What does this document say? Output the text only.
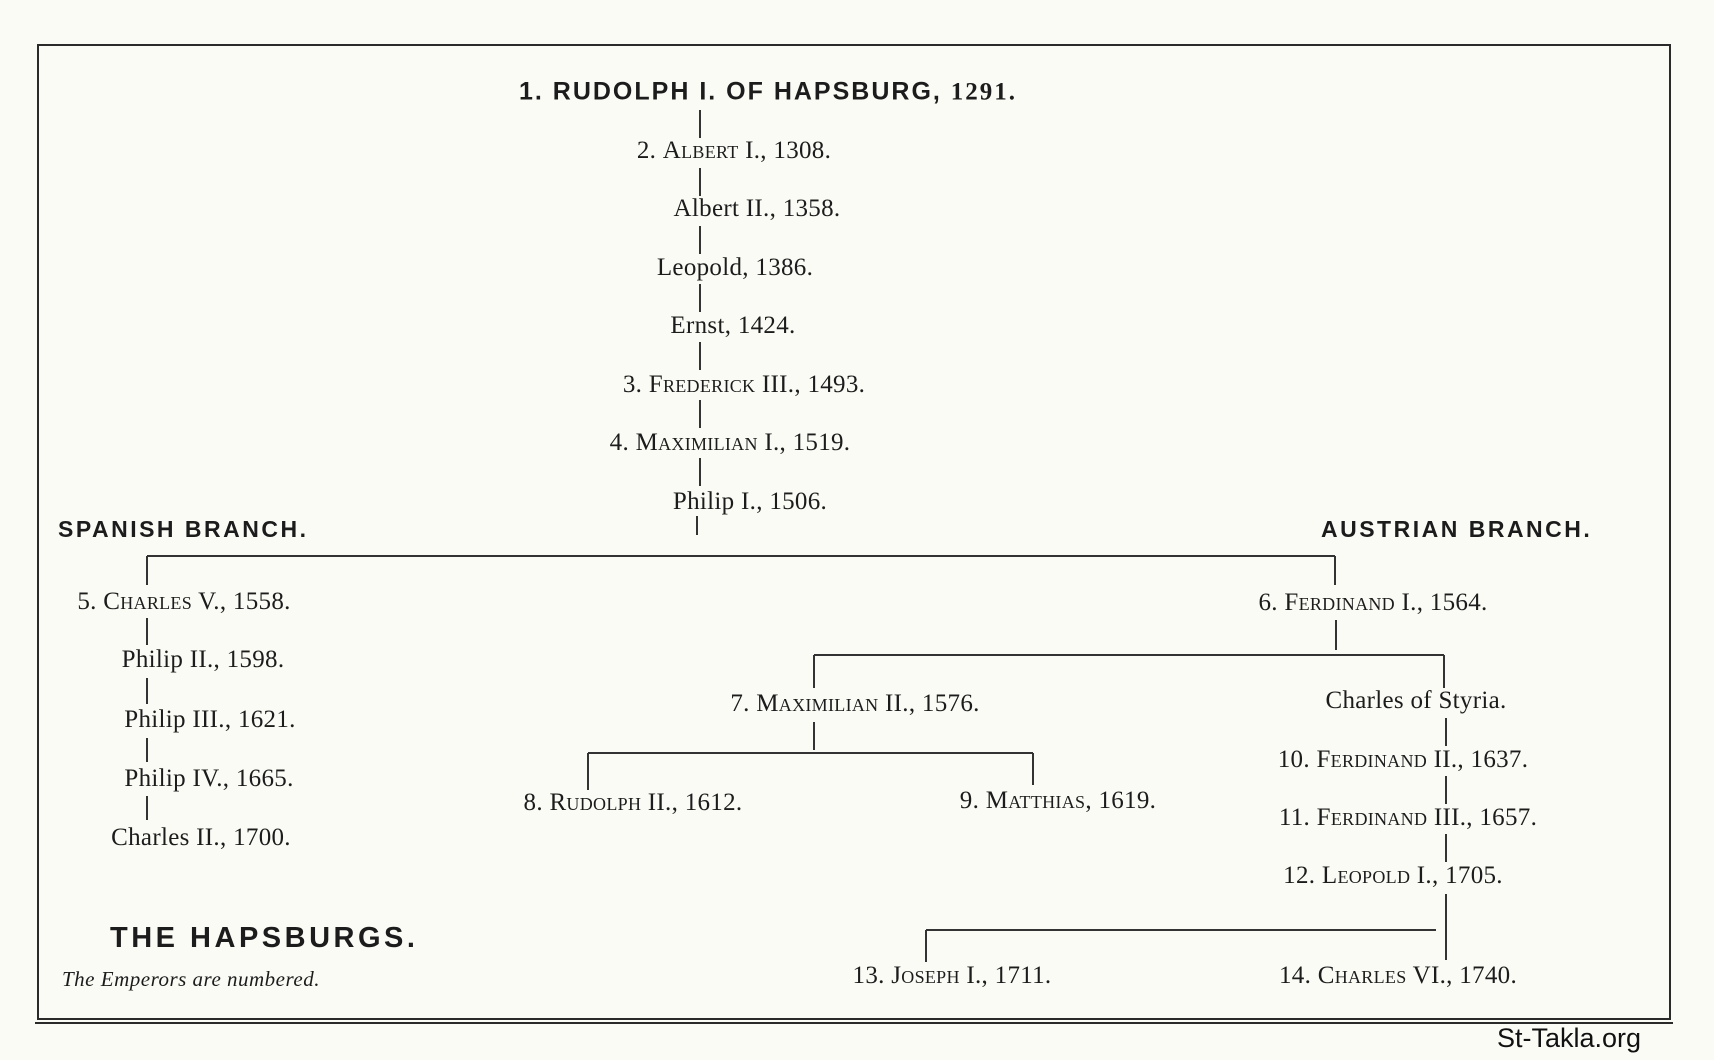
1. RUDOLPH I. OF HAPSBURG, 1291.
2. Albert I., 1308.
Albert II., 1358.
Leopold, 1386.
Ernst, 1424.
3. Frederick III., 1493.
4. Maximilian I., 1519.
Philip I., 1506.
SPANISH BRANCH.	AUSTRIAN BRANCH.
5. Charles V., 1558.
Philip II., 1598.
Philip III., 1621.
Philip IV., 1665.
Charles II., 1700.
6. Ferdinand I., 1564.
7. Maximilian II., 1576.
8. Rudolph II., 1612.	9. Matthias, 1619.
Charles of Styria.
10. Ferdinand II., 1637.
11. Ferdinand III., 1657.
12. Leopold I., 1705.
13. Joseph I., 1711.	14. Charles VI., 1740.
THE HAPSBURGS.
The Emperors are numbered.
St-Takla.org
